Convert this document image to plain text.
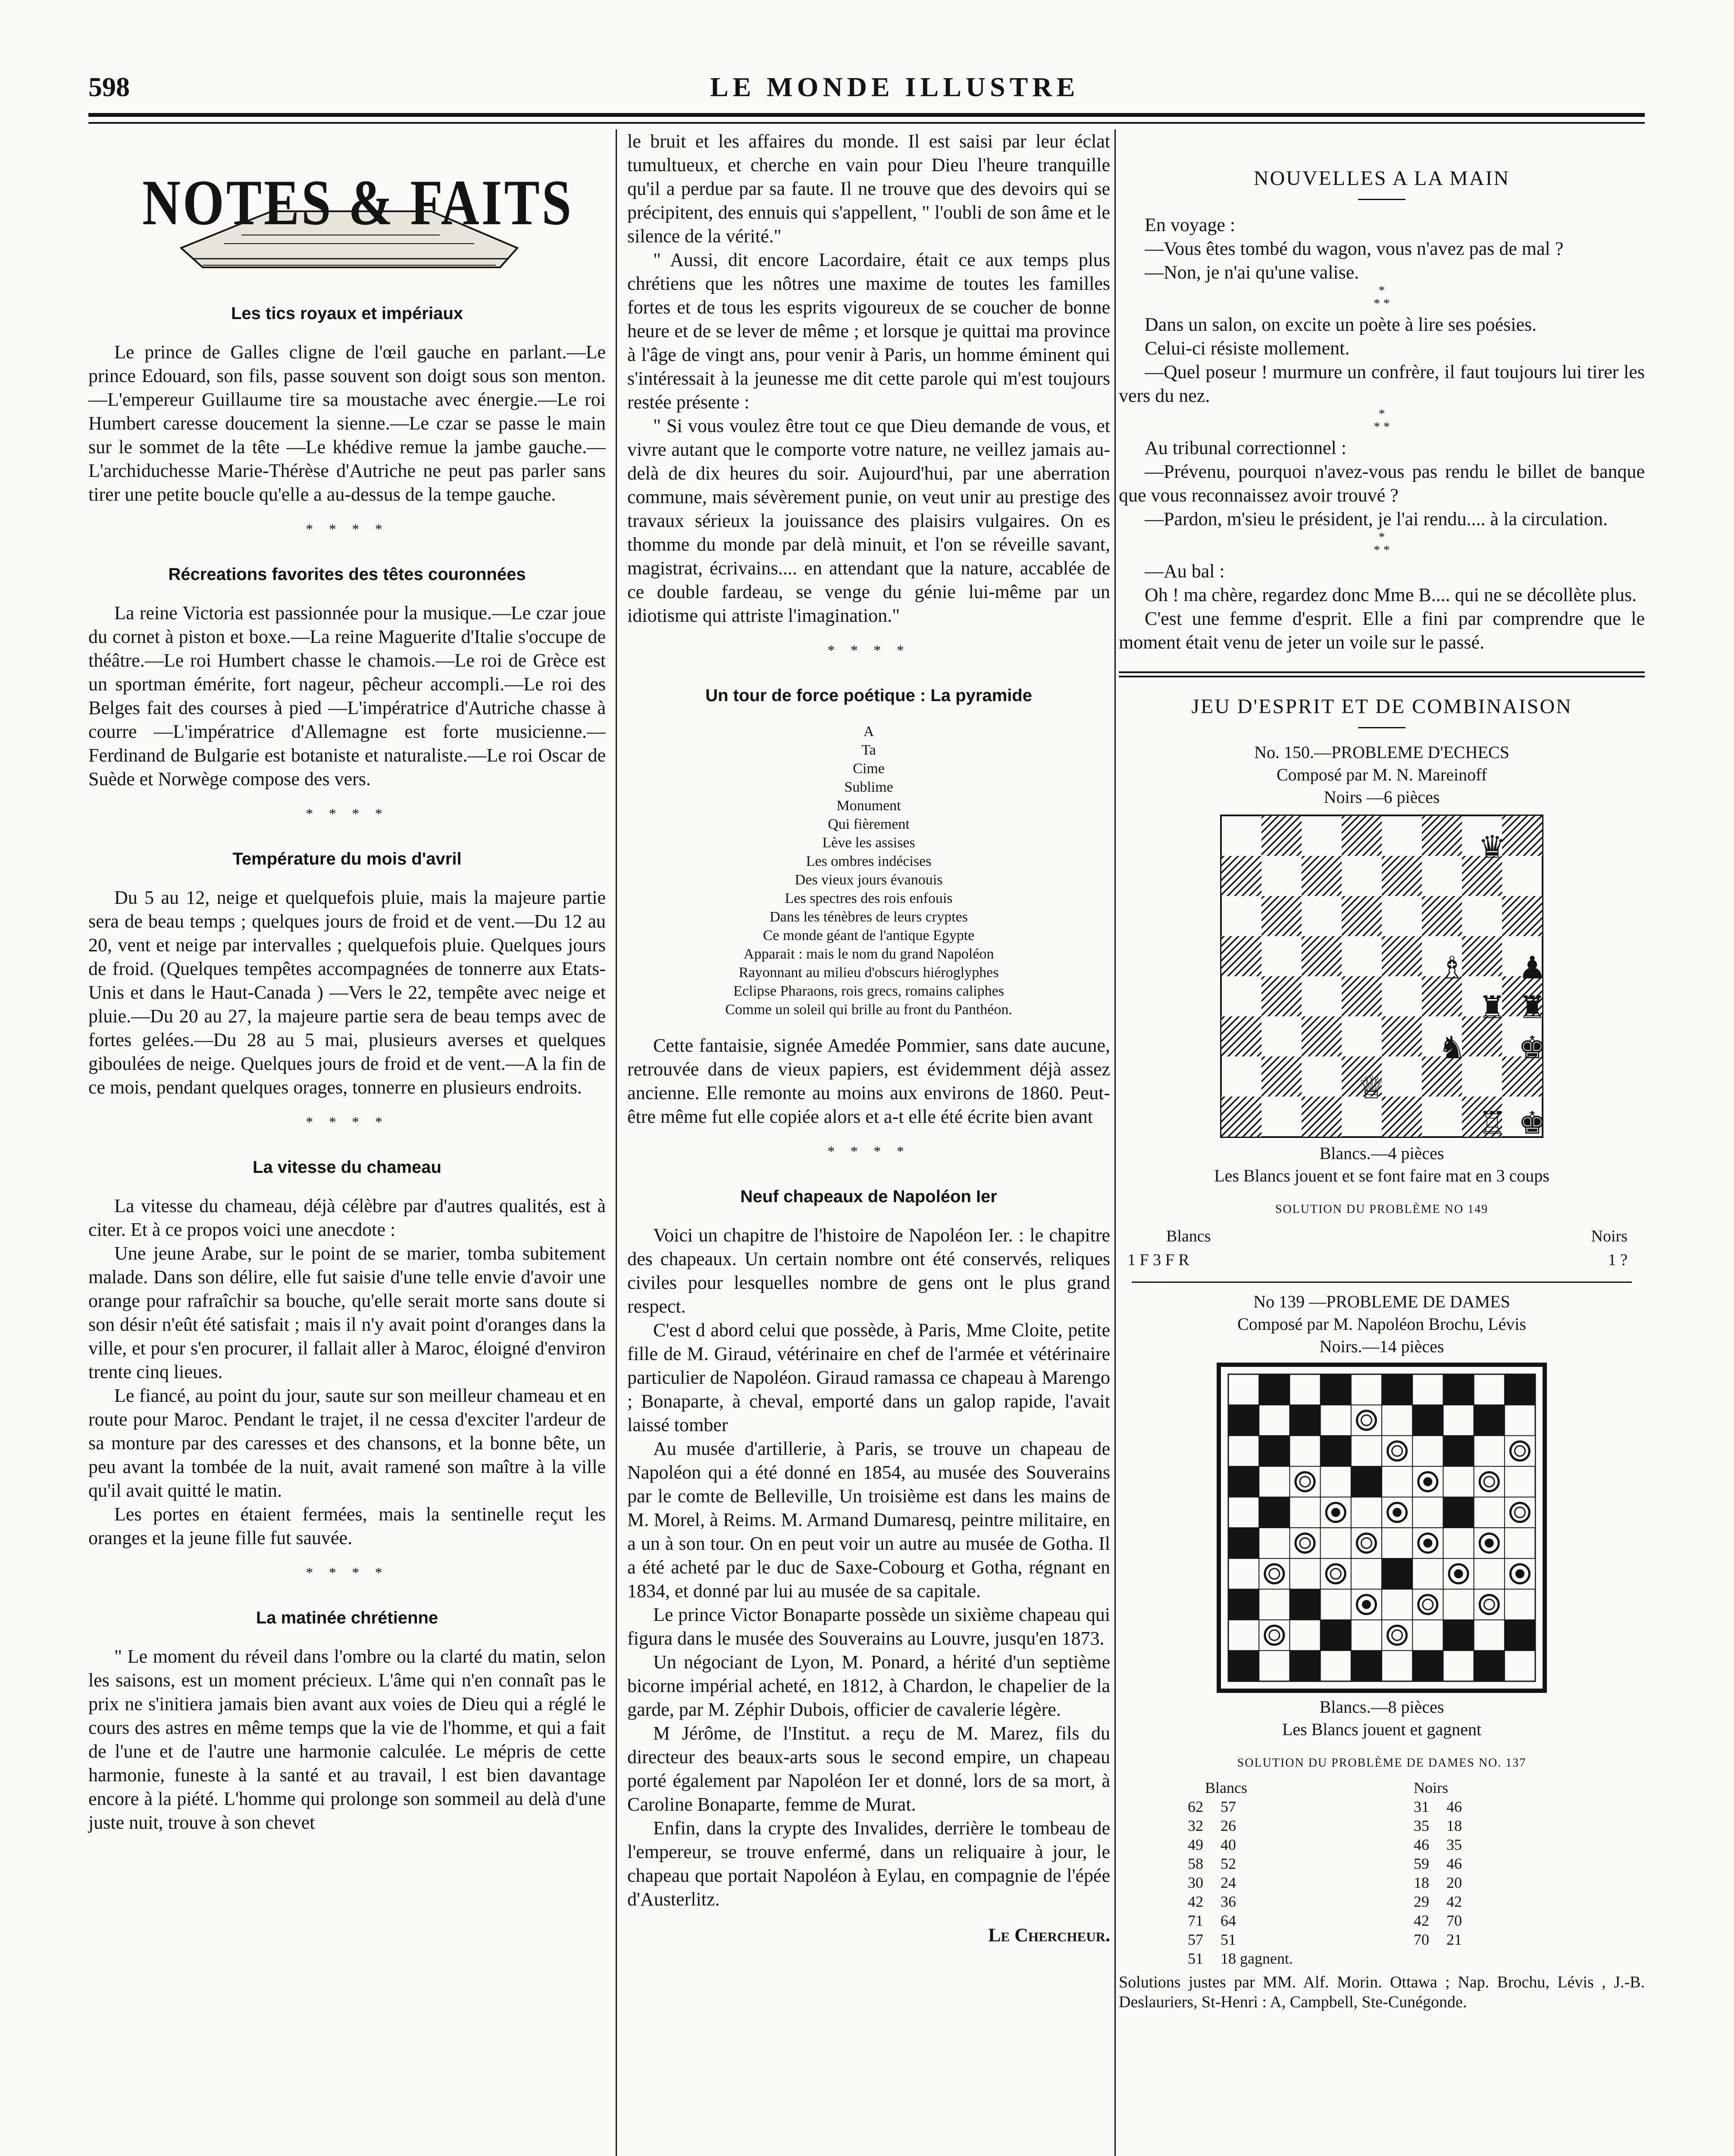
598	LE MONDE ILLUSTRE
NOTES & FAITS
Les tics royaux et impériaux

Le prince de Galles cligne de l'œil gauche en parlant.—Le prince Edouard, son fils, passe souvent son doigt sous son menton.—L'empereur Guillaume tire sa moustache avec énergie.—Le roi Humbert caresse doucement la sienne.—Le czar se passe le main sur le sommet de la tête —Le khédive remue la jambe gauche.—L'archiduchesse Marie-Thérèse d'Autriche ne peut pas parler sans tirer une petite boucle qu'elle a au-dessus de la tempe gauche.

* * * *
Récreations favorites des têtes couronnées

La reine Victoria est passionnée pour la musique.—Le czar joue du cornet à piston et boxe.—La reine Maguerite d'Italie s'occupe de théâtre.—Le roi Humbert chasse le chamois.—Le roi de Grèce est un sportman émérite, fort nageur, pêcheur accompli.—Le roi des Belges fait des courses à pied —L'impératrice d'Autriche chasse à courre —L'impératrice d'Allemagne est forte musicienne.—Ferdinand de Bulgarie est botaniste et naturaliste.—Le roi Oscar de Suède et Norwège compose des vers.

* * * *
Température du mois d'avril

Du 5 au 12, neige et quelquefois pluie, mais la majeure partie sera de beau temps ; quelques jours de froid et de vent.—Du 12 au 20, vent et neige par intervalles ; quelquefois pluie. Quelques jours de froid. (Quelques tempêtes accompagnées de tonnerre aux Etats-Unis et dans le Haut-Canada ) —Vers le 22, tempête avec neige et pluie.—Du 20 au 27, la majeure partie sera de beau temps avec de fortes gelées.—Du 28 au 5 mai, plusieurs averses et quelques giboulées de neige. Quelques jours de froid et de vent.—A la fin de ce mois, pendant quelques orages, tonnerre en plusieurs endroits.

* * * *
La vitesse du chameau

La vitesse du chameau, déjà célèbre par d'autres qualités, est à citer. Et à ce propos voici une anecdote :

Une jeune Arabe, sur le point de se marier, tomba subitement malade. Dans son délire, elle fut saisie d'une telle envie d'avoir une orange pour rafraîchir sa bouche, qu'elle serait morte sans doute si son désir n'eût été satisfait ; mais il n'y avait point d'oranges dans la ville, et pour s'en procurer, il fallait aller à Maroc, éloigné d'environ trente cinq lieues.

Le fiancé, au point du jour, saute sur son meilleur chameau et en route pour Maroc. Pendant le trajet, il ne cessa d'exciter l'ardeur de sa monture par des caresses et des chansons, et la bonne bête, un peu avant la tombée de la nuit, avait ramené son maître à la ville qu'il avait quitté le matin.

Les portes en étaient fermées, mais la sentinelle reçut les oranges et la jeune fille fut sauvée.

* * * *
La matinée chrétienne

" Le moment du réveil dans l'ombre ou la clarté du matin, selon les saisons, est un moment précieux. L'âme qui n'en connaît pas le prix ne s'initiera jamais bien avant aux voies de Dieu qui a réglé le cours des astres en même temps que la vie de l'homme, et qui a fait de l'une et de l'autre une harmonie calculée. Le mépris de cette harmonie, funeste à la santé et au travail, l est bien davantage encore à la piété. L'homme qui prolonge son sommeil au delà d'une juste nuit, trouve à son chevet

le bruit et les affaires du monde. Il est saisi par leur éclat tumultueux, et cherche en vain pour Dieu l'heure tranquille qu'il a perdue par sa faute. Il ne trouve que des devoirs qui se précipitent, des ennuis qui s'appellent, " l'oubli de son âme et le silence de la vérité."

" Aussi, dit encore Lacordaire, était ce aux temps plus chrétiens que les nôtres une maxime de toutes les familles fortes et de tous les esprits vigoureux de se coucher de bonne heure et de se lever de même ; et lorsque je quittai ma province à l'âge de vingt ans, pour venir à Paris, un homme éminent qui s'intéressait à la jeunesse me dit cette parole qui m'est toujours restée présente :

" Si vous voulez être tout ce que Dieu demande de vous, et vivre autant que le comporte votre nature, ne veillez jamais au-delà de dix heures du soir. Aujourd'hui, par une aberration commune, mais sévèrement punie, on veut unir au prestige des travaux sérieux la jouissance des plaisirs vulgaires. On es thomme du monde par delà minuit, et l'on se réveille savant, magistrat, écrivains.... en attendant que la nature, accablée de ce double fardeau, se venge du génie lui-même par un idiotisme qui attriste l'imagination."

* * * *
Un tour de force poétique : La pyramide
A
Ta
Cime
Sublime
Monument
Qui fièrement
Lève les assises
Les ombres indécises
Des vieux jours évanouis
Les spectres des rois enfouis
Dans les ténèbres de leurs cryptes
Ce monde géant de l'antique Egypte
Apparait : mais le nom du grand Napoléon
Rayonnant au milieu d'obscurs hiéroglyphes
Eclipse Pharaons, rois grecs, romains caliphes
Comme un soleil qui brille au front du Panthéon.

Cette fantaisie, signée Amedée Pommier, sans date aucune, retrouvée dans de vieux papiers, est évidemment déjà assez ancienne. Elle remonte au moins aux environs de 1860. Peut-être même fut elle copiée alors et a-t elle été écrite bien avant

* * * *
Neuf chapeaux de Napoléon Ier

Voici un chapitre de l'histoire de Napoléon Ier. : le chapitre des chapeaux. Un certain nombre ont été conservés, reliques civiles pour lesquelles nombre de gens ont le plus grand respect.

C'est d abord celui que possède, à Paris, Mme Cloite, petite fille de M. Giraud, vétérinaire en chef de l'armée et vétérinaire particulier de Napoléon. Giraud ramassa ce chapeau à Marengo ; Bonaparte, à cheval, emporté dans un galop rapide, l'avait laissé tomber

Au musée d'artillerie, à Paris, se trouve un chapeau de Napoléon qui a été donné en 1854, au musée des Souverains par le comte de Belleville, Un troisième est dans les mains de M. Morel, à Reims. M. Armand Dumaresq, peintre militaire, en a un à son tour. On en peut voir un autre au musée de Gotha. Il a été acheté par le duc de Saxe-Cobourg et Gotha, régnant en 1834, et donné par lui au musée de sa capitale.

Le prince Victor Bonaparte possède un sixième chapeau qui figura dans le musée des Souverains au Louvre, jusqu'en 1873.

Un négociant de Lyon, M. Ponard, a hérité d'un septième bicorne impérial acheté, en 1812, à Chardon, le chapelier de la garde, par M. Zéphir Dubois, officier de cavalerie légère.

M Jérôme, de l'Institut. a reçu de M. Marez, fils du directeur des beaux-arts sous le second empire, un chapeau porté également par Napoléon Ier et donné, lors de sa mort, à Caroline Bonaparte, femme de Murat.

Enfin, dans la crypte des Invalides, derrière le tombeau de l'empereur, se trouve enfermé, dans un reliquaire à jour, le chapeau que portait Napoléon à Eylau, en compagnie de l'épée d'Austerlitz.

Le Chercheur.
NOUVELLES A LA MAIN

En voyage :

—Vous êtes tombé du wagon, vous n'avez pas de mal ?

—Non, je n'ai qu'une valise.

*
* *

Dans un salon, on excite un poète à lire ses poésies.

Celui-ci résiste mollement.

—Quel poseur ! murmure un confrère, il faut toujours lui tirer les vers du nez.

*
* *

Au tribunal correctionnel :

—Prévenu, pourquoi n'avez-vous pas rendu le billet de banque que vous reconnaissez avoir trouvé ?

—Pardon, m'sieu le président, je l'ai rendu.... à la circulation.

*
* *

—Au bal :

Oh ! ma chère, regardez donc Mme B.... qui ne se décollète plus.

C'est une femme d'esprit. Elle a fini par comprendre que le moment était venu de jeter un voile sur le passé.

JEU D'ESPRIT ET DE COMBINAISON
No. 150.—PROBLEME D'ECHECS
Composé par M. N. Mareinoff
Noirs —6 pièces
♛
♗ ♟
♜ ♜
♞ ♚
♕
♖ ♚
Blancs.—4 pièces
Les Blancs jouent et se font faire mat en 3 coups
SOLUTION DU PROBLÈME NO 149
Blancs	Noirs
1 F 3 F R	1 ?
No 139 —PROBLEME DE DAMES
Composé par M. Napoléon Brochu, Lévis
Noirs.—14 pièces
Blancs.—8 pièces
Les Blancs jouent et gagnent
SOLUTION DU PROBLÈME DE DAMES NO. 137
Blancs			Noirs	
62	57		31	46
32	26		35	18
49	40		46	35
58	52		59	46
30	24		18	20
42	36		29	42
71	64		42	70
57	51		70	21
51	18 gagnent.			

Solutions justes par MM. Alf. Morin. Ottawa ; Nap. Brochu, Lévis , J.-B. Deslauriers, St-Henri : A, Campbell, Ste-Cunégonde.
